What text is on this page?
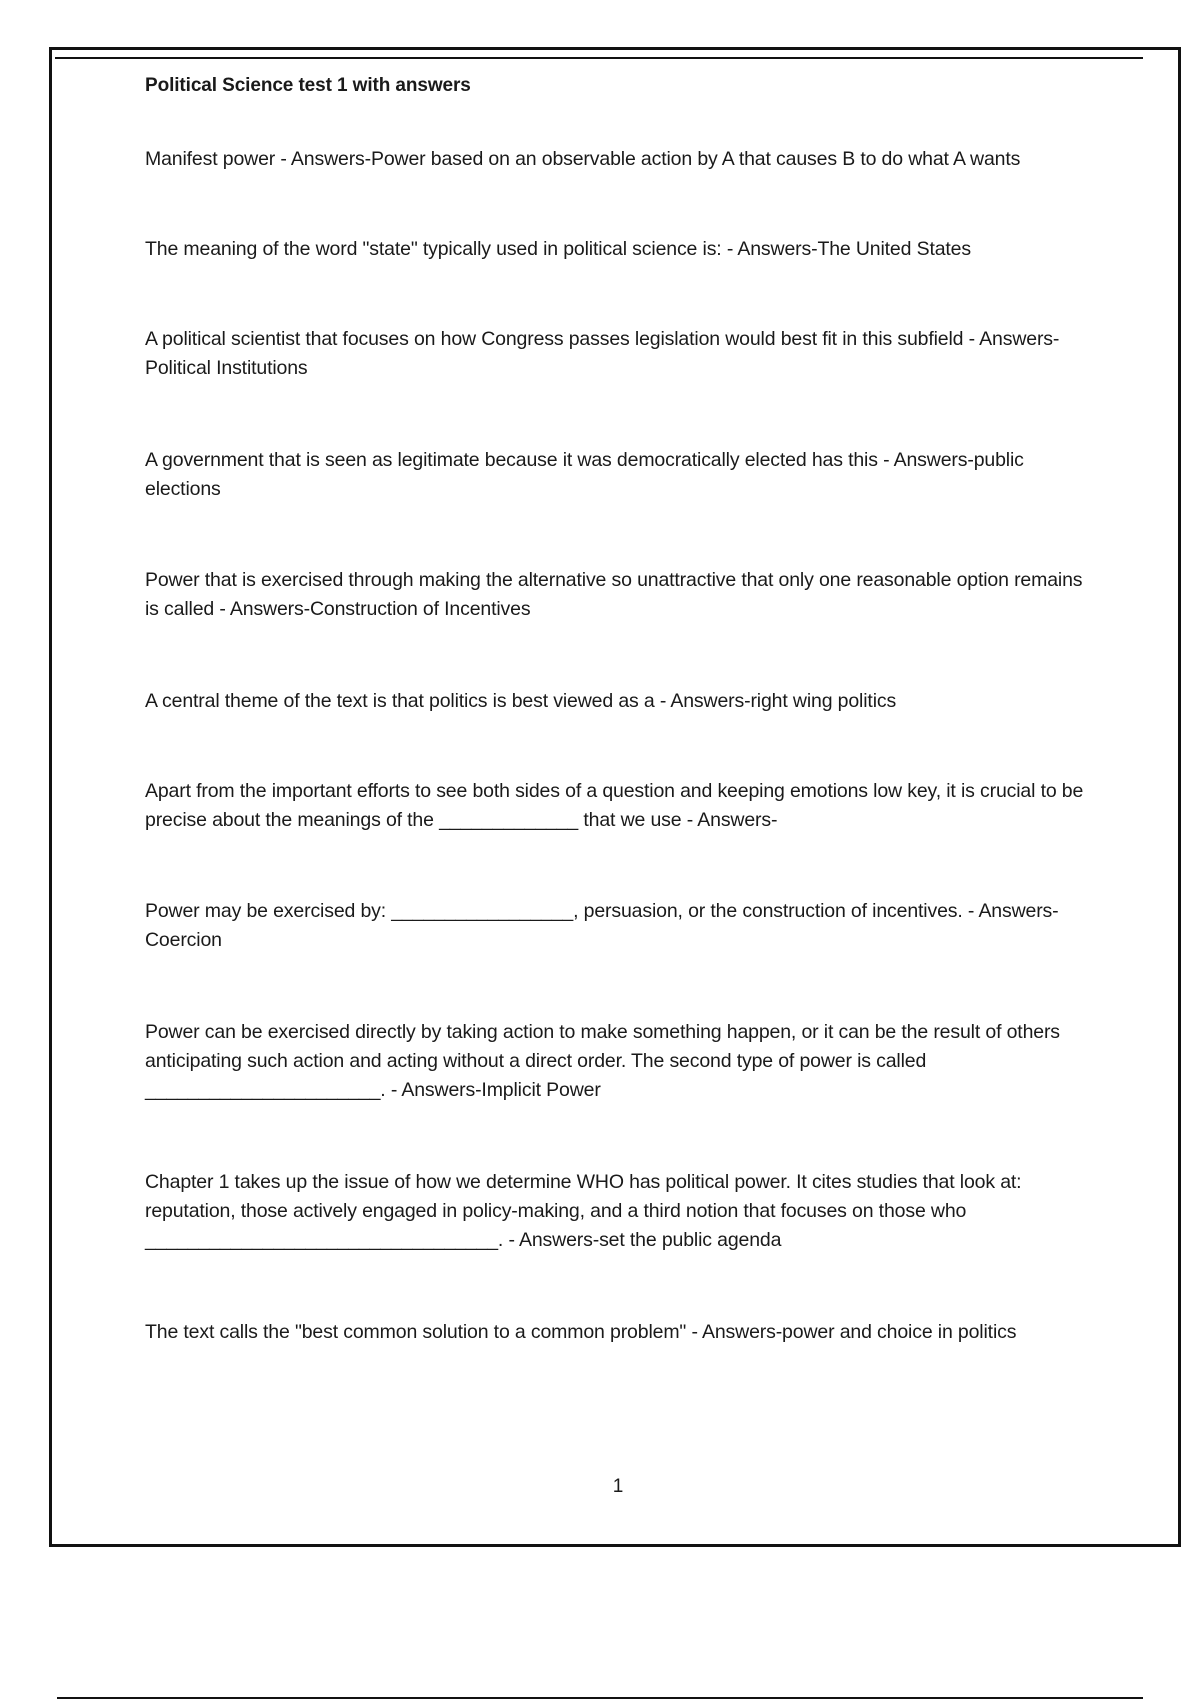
Political Science test 1 with answers
Manifest power - Answers-Power based on an observable action by A that causes B to do what A wants
The meaning of the word "state" typically used in political science is: - Answers-The United States
A political scientist that focuses on how Congress passes legislation would best fit in this subfield - Answers-Political Institutions
A government that is seen as legitimate because it was democratically elected has this - Answers-public elections
Power that is exercised through making the alternative so unattractive that only one reasonable option remains is called - Answers-Construction of Incentives
A central theme of the text is that politics is best viewed as a - Answers-right wing politics
Apart from the important efforts to see both sides of a question and keeping emotions low key, it is crucial to be precise about the meanings of the _____________ that we use - Answers-
Power may be exercised by: _________________, persuasion, or the construction of incentives. - Answers-Coercion
Power can be exercised directly by taking action to make something happen, or it can be the result of others anticipating such action and acting without a direct order. The second type of power is called ______________________. - Answers-Implicit Power
Chapter 1 takes up the issue of how we determine WHO has political power. It cites studies that look at: reputation, those actively engaged in policy-making, and a third notion that focuses on those who _________________________________. - Answers-set the public agenda
The text calls the "best common solution to a common problem" - Answers-power and choice in politics
1
